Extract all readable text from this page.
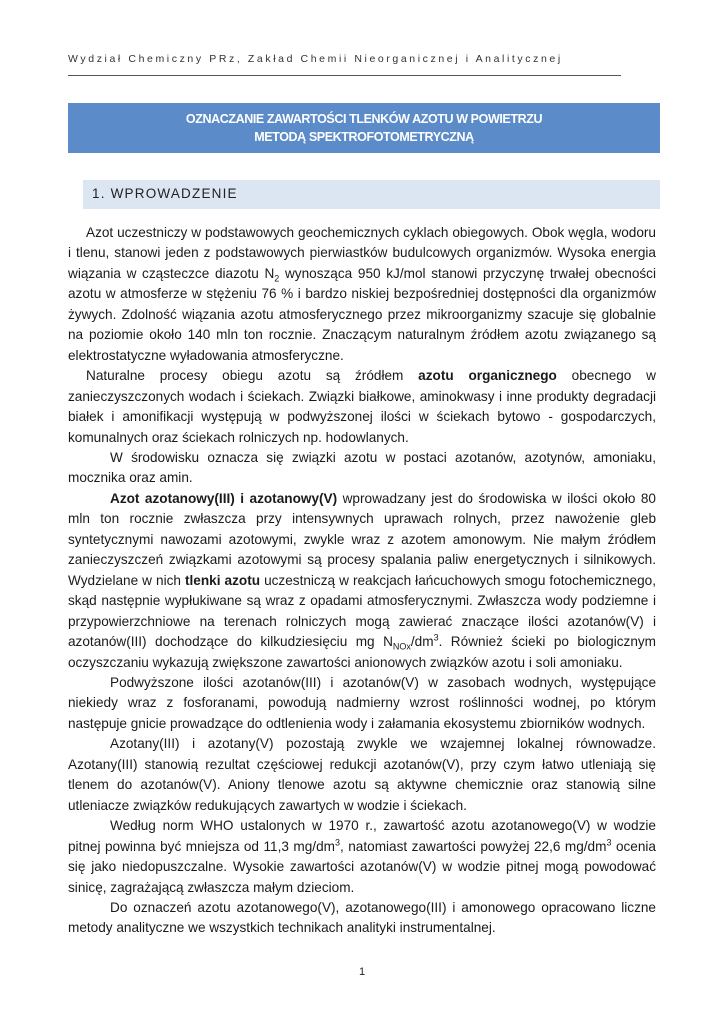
Wydział Chemiczny PRz, Zakład Chemii Nieorganicznej i Analitycznej
OZNACZANIE ZAWARTOŚCI TLENKÓW AZOTU W POWIETRZU
METODĄ SPEKTROFOTOMETRYCZNĄ
1. WPROWADZENIE

Azot uczestniczy w podstawowych geochemicznych cyklach obiegowych. Obok węgla, wodoru i tlenu, stanowi jeden z podstawowych pierwiastków budulcowych organizmów. Wysoka energia wiązania w cząsteczce diazotu $N_2$ wynosząca 950 kJ/mol stanowi przyczynę trwałej obecności azotu w atmosferze w stężeniu 76 % i bardzo niskiej bezpośredniej dostępności dla organizmów żywych. Zdolność wiązania azotu atmosferycznego przez mikroorganizmy szacuje się globalnie na poziomie około 140 mln ton rocznie. Znaczącym naturalnym źródłem azotu związanego są elektrostatyczne wyładowania atmosferyczne.

Naturalne procesy obiegu azotu są źródłem azotu organicznego obecnego w zanieczyszczonych wodach i ściekach. Związki białkowe, aminokwasy i inne produkty degradacji białek i amonifikacji występują w podwyższonej ilości w ściekach bytowo - gospodarczych, komunalnych oraz ściekach rolniczych np. hodowlanych.

W środowisku oznacza się związki azotu w postaci azotanów, azotynów, amoniaku, mocznika oraz amin.

Azot azotanowy(III) i azotanowy(V) wprowadzany jest do środowiska w ilości około 80 mln ton rocznie zwłaszcza przy intensywnych uprawach rolnych, przez nawożenie gleb syntetycznymi nawozami azotowymi, zwykle wraz z azotem amonowym. Nie małym źródłem zanieczyszczeń związkami azotowymi są procesy spalania paliw energetycznych i silnikowych. Wydzielane w nich tlenki azotu uczestniczą w reakcjach łańcuchowych smogu fotochemicznego, skąd następnie wypłukiwane są wraz z opadami atmosferycznymi. Zwłaszcza wody podziemne i przypowierzchniowe na terenach rolniczych mogą zawierać znaczące ilości azotanów(V) i azotanów(III) dochodzące do kilkudziesięciu mg $N_{NOx}/dm^3$. Również ścieki po biologicznym oczyszczaniu wykazują zwiększone zawartości anionowych związków azotu i soli amoniaku.

Podwyższone ilości azotanów(III) i azotanów(V) w zasobach wodnych, występujące niekiedy wraz z fosforanami, powodują nadmierny wzrost roślinności wodnej, po którym następuje gnicie prowadzące do odtlenienia wody i załamania ekosystemu zbiorników wodnych.

Azotany(III) i azotany(V) pozostają zwykle we wzajemnej lokalnej równowadze. Azotany(III) stanowią rezultat częściowej redukcji azotanów(V), przy czym łatwo utleniają się tlenem do azotanów(V). Aniony tlenowe azotu są aktywne chemicznie oraz stanowią silne utleniacze związków redukujących zawartych w wodzie i ściekach.

Według norm WHO ustalonych w 1970 r., zawartość azotu azotanowego(V) w wodzie pitnej powinna być mniejsza od 11,3 $mg/dm^3$, natomiast zawartości powyżej 22,6 $mg/dm^3$ ocenia się jako niedopuszczalne. Wysokie zawartości azotanów(V) w wodzie pitnej mogą powodować sinicę, zagrażającą zwłaszcza małym dzieciom.

Do oznaczeń azotu azotanowego(V), azotanowego(III) i amonowego opracowano liczne metody analityczne we wszystkich technikach analityki instrumentalnej.

1
